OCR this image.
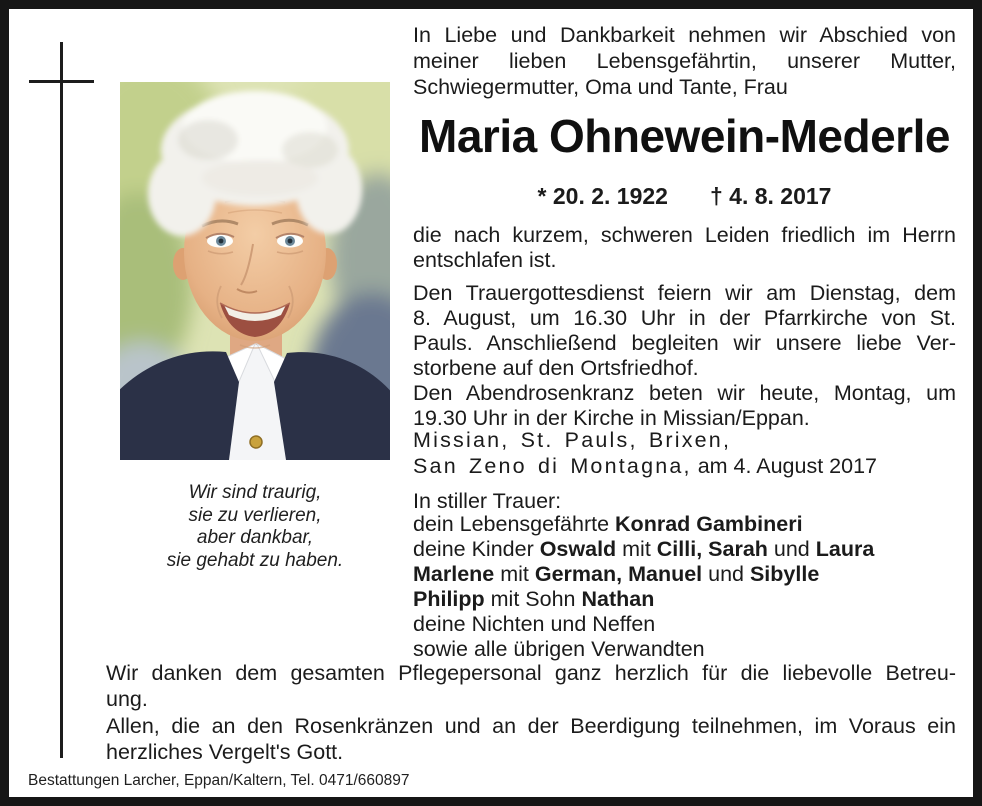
Wir sind traurig,
sie zu verlieren,
aber dankbar,
sie gehabt zu haben.
In Liebe und Dankbarkeit nehmen wir Abschied von
meiner lieben Lebensgefährtin, unserer Mutter,
Schwiegermutter, Oma und Tante, Frau
Maria Ohnewein-Mederle
* 20. 2. 1922 † 4. 8. 2017
die nach kurzem, schweren Leiden friedlich im Herrn
entschlafen ist.
Den Trauergottesdienst feiern wir am Dienstag, dem
8. August, um 16.30 Uhr in der Pfarrkirche von St.
Pauls. Anschließend begleiten wir unsere liebe Ver-
storbene auf den Ortsfriedhof.
Den Abendrosenkranz beten wir heute, Montag, um
19.30 Uhr in der Kirche in Missian/Eppan.
Missian, St. Pauls, Brixen,
San Zeno di Montagna, am 4. August 2017
In stiller Trauer:
dein Lebensgefährte Konrad Gambineri
deine Kinder Oswald mit Cilli, Sarah und Laura
Marlene mit German, Manuel und Sibylle
Philipp mit Sohn Nathan
deine Nichten und Neffen
sowie alle übrigen Verwandten
Wir danken dem gesamten Pflegepersonal ganz herzlich für die liebevolle Betreu-
ung.
Allen, die an den Rosenkränzen und an der Beerdigung teilnehmen, im Voraus ein
herzliches Vergelt's Gott.
Bestattungen Larcher, Eppan/Kaltern, Tel. 0471/660897
